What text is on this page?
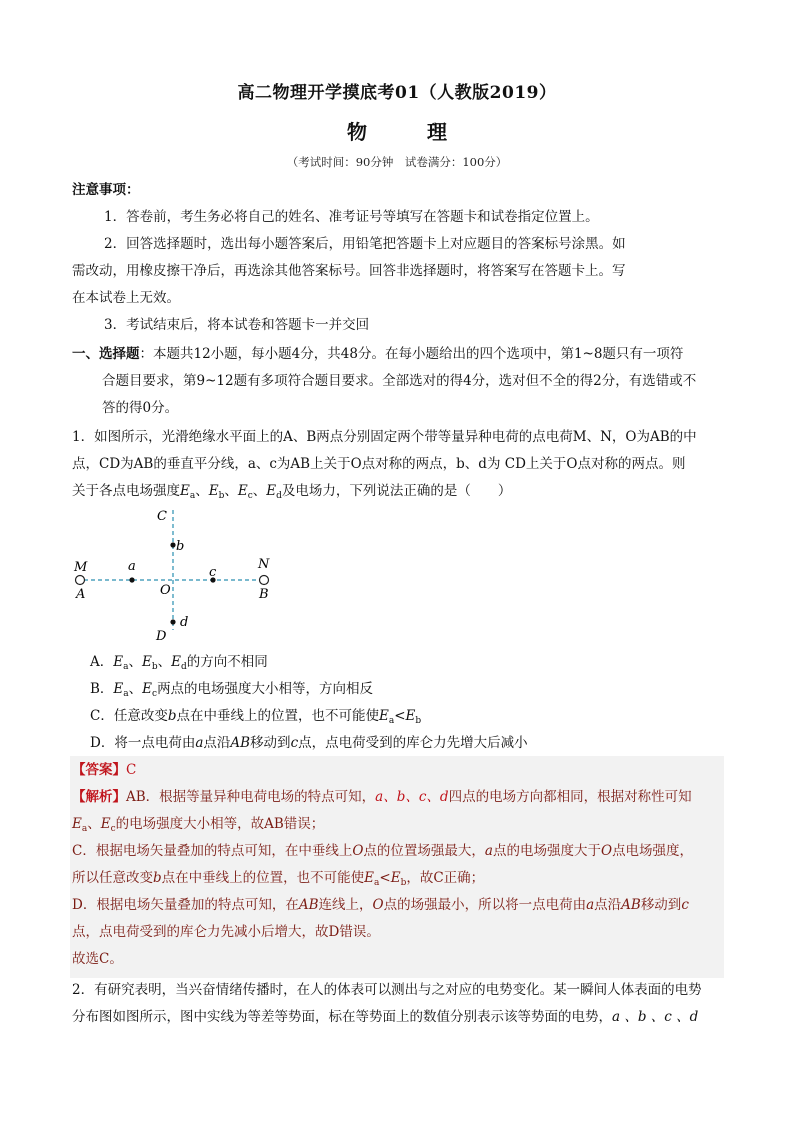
高二物理开学摸底考01（人教版2019）
物	理
（考试时间：90分钟　试卷满分：100分）
注意事项：
1．答卷前，考生务必将自己的姓名、准考证号等填写在答题卡和试卷指定位置上。
2．回答选择题时，选出每小题答案后，用铅笔把答题卡上对应题目的答案标号涂黑。如
需改动，用橡皮擦干净后，再选涂其他答案标号。回答非选择题时，将答案写在答题卡上。写
在本试卷上无效。
3．考试结束后，将本试卷和答题卡一并交回
一、选择题：本题共12小题，每小题4分，共48分。在每小题给出的四个选项中，第1~8题只有一项符
合题目要求，第9~12题有多项符合题目要求。全部选对的得4分，选对但不全的得2分，有选错或不
答的得0分。
1．如图所示，光滑绝缘水平面上的A、B两点分别固定两个带等量异种电荷的点电荷M、N，O为AB的中
点，CD为AB的垂直平分线，a、c为AB上关于O点对称的两点，b、d为 CD上关于O点对称的两点。则
关于各点电场强度$E_a$、$E_b$、$E_c$、$E_d$及电场力，下列说法正确的是（　　）
C
b
M	a	c
N
A	O	B
d
D
A．$E_a$、$E_b$、$E_d$的方向不相同
B．$E_a$、$E_c$两点的电场强度大小相等，方向相反
C．任意改变b点在中垂线上的位置，也不可能使$E_a<E_b$
D．将一点电荷由a点沿AB移动到c点，点电荷受到的库仑力先增大后减小
【答案】C
【解析】AB．根据等量异种电荷电场的特点可知，a、b、c、d四点的电场方向都相同，根据对称性可知
$E_a$、$E_c$的电场强度大小相等，故AB错误；
C．根据电场矢量叠加的特点可知，在中垂线上O点的位置场强最大，a点的电场强度大于O点电场强度，
所以任意改变b点在中垂线上的位置，也不可能使$E_a<E_b$，故C正确；
D．根据电场矢量叠加的特点可知，在AB连线上，O点的场强最小，所以将一点电荷由a点沿AB移动到c
点，点电荷受到的库仑力先减小后增大，故D错误。
故选C。
2．有研究表明，当兴奋情绪传播时，在人的体表可以测出与之对应的电势变化。某一瞬间人体表面的电势
分布图如图所示，图中实线为等差等势面，标在等势面上的数值分别表示该等势面的电势，a 、b 、c 、d
